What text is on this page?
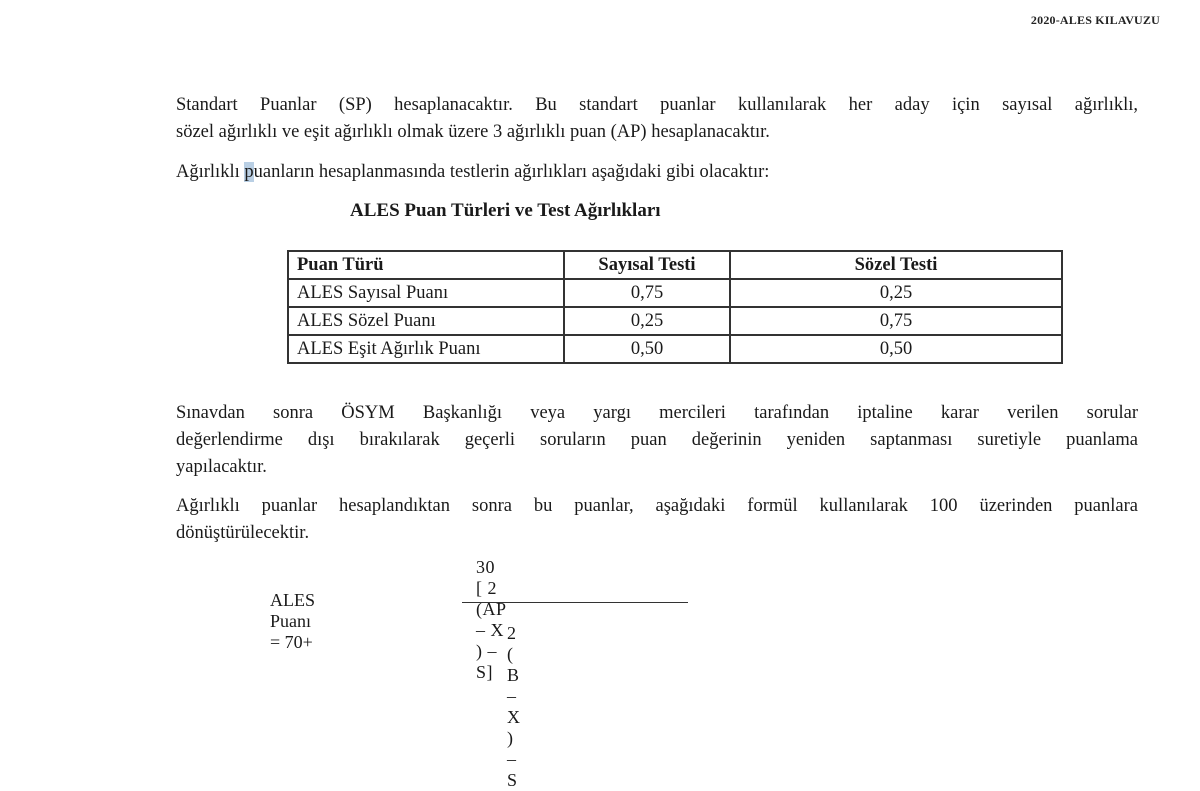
2020-ALES KILAVUZU

Standart Puanlar (SP) hesaplanacaktır. Bu standart puanlar kullanılarak her aday için sayısal ağırlıklı,

sözel ağırlıklı ve eşit ağırlıklı olmak üzere 3 ağırlıklı puan (AP) hesaplanacaktır.

Ağırlıklı puanların hesaplanmasında testlerin ağırlıkları aşağıdaki gibi olacaktır:

ALES Puan Türleri ve Test Ağırlıkları
Puan Türü	Sayısal Testi	Sözel Testi
ALES Sayısal Puanı	0,75	0,25
ALES Sözel Puanı	0,25	0,75
ALES Eşit Ağırlık Puanı	0,50	0,50

Sınavdan sonra ÖSYM Başkanlığı veya yargı mercileri tarafından iptaline karar verilen sorular

değerlendirme dışı bırakılarak geçerli soruların puan değerinin yeniden saptanması suretiyle puanlama

yapılacaktır.

Ağırlıklı puanlar hesaplandıktan sonra bu puanlar, aşağıdaki formül kullanılarak 100 üzerinden puanlara

dönüştürülecektir.

ALES Puanı = 70+
30 [ 2 (AP – X ) – S]
2 ( B – X ) – S
